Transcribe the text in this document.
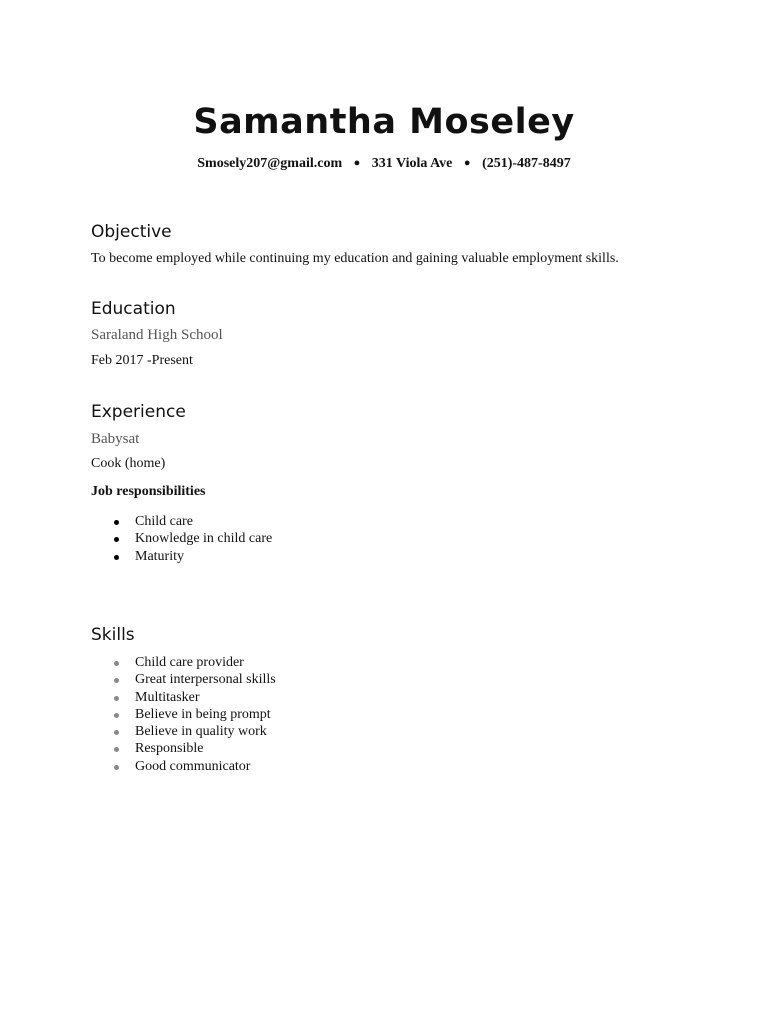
Samantha Moseley
Smosely207@gmail.com ● 331 Viola Ave ● (251)-487-8497
Objective
To become employed while continuing my education and gaining valuable employment skills.
Education
Saraland High School
Feb 2017 -Present
Experience
Babysat
Cook (home)
Job responsibilities
Child care
Knowledge in child care
Maturity
Skills
Child care provider
Great interpersonal skills
Multitasker
Believe in being prompt
Believe in quality work
Responsible
Good communicator
